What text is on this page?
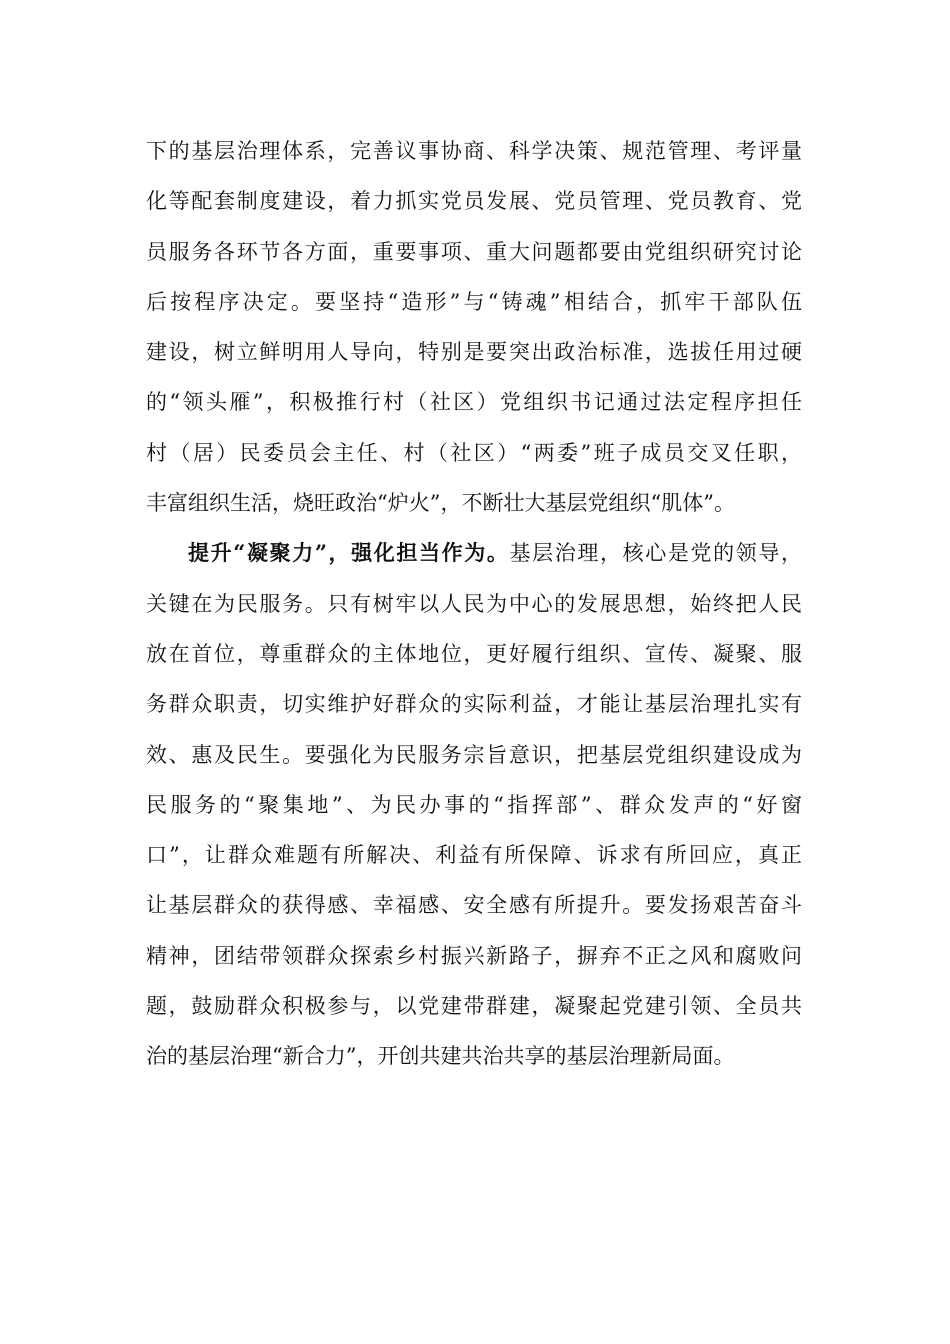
下的基层治理体系，完善议事协商、科学决策、规范管理、考评量
化等配套制度建设，着力抓实党员发展、党员管理、党员教育、党
员服务各环节各方面，重要事项、重大问题都要由党组织研究讨论
后按程序决定。要坚持“造形”与“铸魂”相结合，抓牢干部队伍
建设，树立鲜明用人导向，特别是要突出政治标准，选拔任用过硬
的“领头雁”，积极推行村（社区）党组织书记通过法定程序担任
村（居）民委员会主任、村（社区）“两委”班子成员交叉任职，
丰富组织生活，烧旺政治“炉火”，不断壮大基层党组织“肌体”。
提升“凝聚力”，强化担当作为。基层治理，核心是党的领导，
关键在为民服务。只有树牢以人民为中心的发展思想，始终把人民
放在首位，尊重群众的主体地位，更好履行组织、宣传、凝聚、服
务群众职责，切实维护好群众的实际利益，才能让基层治理扎实有
效、惠及民生。要强化为民服务宗旨意识，把基层党组织建设成为
民服务的“聚集地”、为民办事的“指挥部”、群众发声的“好窗
口”，让群众难题有所解决、利益有所保障、诉求有所回应，真正
让基层群众的获得感、幸福感、安全感有所提升。要发扬艰苦奋斗
精神，团结带领群众探索乡村振兴新路子，摒弃不正之风和腐败问
题，鼓励群众积极参与，以党建带群建，凝聚起党建引领、全员共
治的基层治理“新合力”，开创共建共治共享的基层治理新局面。
